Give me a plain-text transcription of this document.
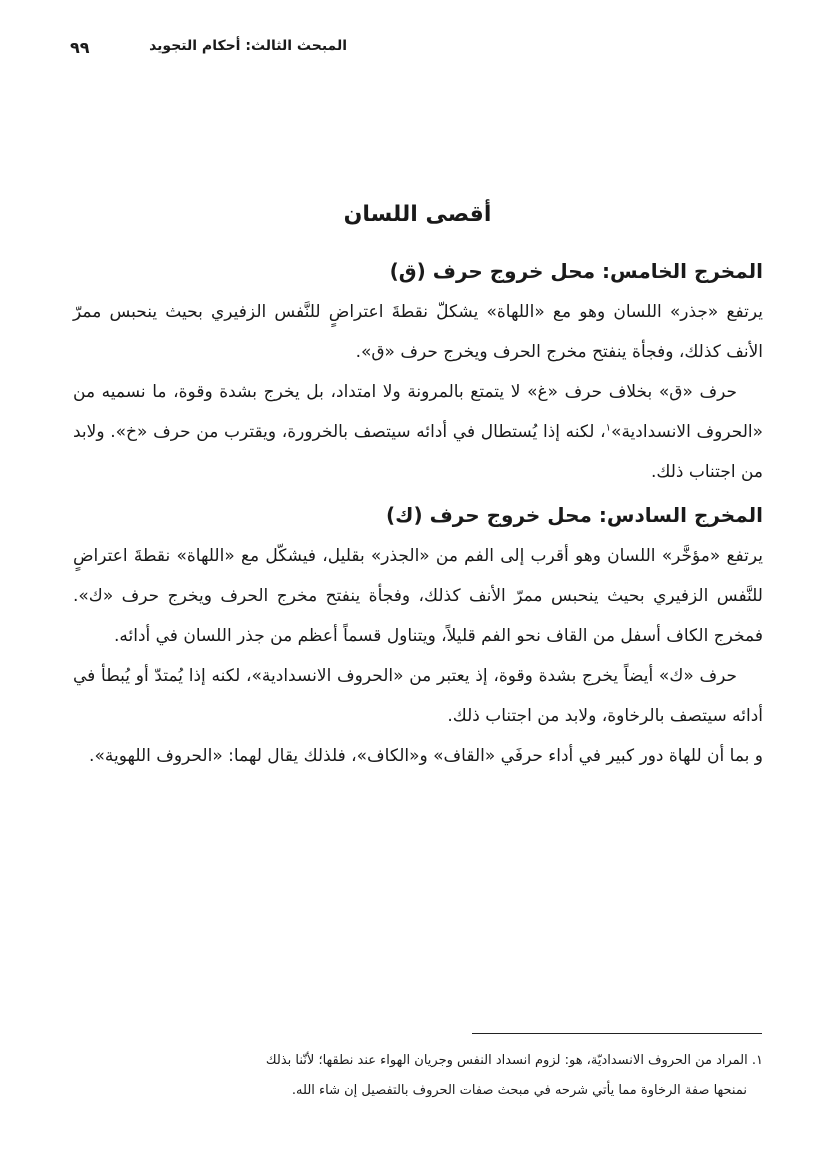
المبحث الثالث: أحكام التجويد
٩٩
أقصى اللسان
المخرج الخامس: محل خروج حرف (ق)

يرتفع «جذر» اللسان وهو مع «اللهاة» يشكلّ نقطةَ اعتراضٍ للنَّفس الزفيري بحيث ينحبس ممرّ الأنف كذلك، وفجأة ينفتح مخرج الحرف ويخرج حرف «ق».

حرف «ق» بخلاف حرف «غ» لا يتمتع بالمرونة ولا امتداد، بل يخرج بشدة وقوة، ما نسميه من «الحروف الانسدادية»$^١$، لكنه إذا يُستطال في أدائه سيتصف بالخرورة، ويقترب من حرف «خ». ولابد من اجتناب ذلك.

المخرج السادس: محل خروج حرف (ك)

يرتفع «مؤخَّر» اللسان وهو أقرب إلى الفم من «الجذر» بقليل، فيشكّل مع «اللهاة» نقطةَ اعتراضٍ للنَّفس الزفيري بحيث ينحبس ممرّ الأنف كذلك، وفجأة ينفتح مخرج الحرف ويخرج حرف «ك». فمخرج الكاف أسفل من القاف نحو الفم قليلاً، ويتناول قسماً أعظم من جذر اللسان في أدائه.

حرف «ك» أيضاً يخرج بشدة وقوة، إذ يعتبر من «الحروف الانسدادية»، لكنه إذا يُمتدّ أو يُبطأ في أدائه سيتصف بالرخاوة، ولابد من اجتناب ذلك.

و بما أن للهاة دور كبير في أداء حرفَي «القاف» و«الكاف»، فلذلك يقال لهما: «الحروف اللهوية».

١. المراد من الحروف الانسداديّة، هو: لزوم انسداد النفس وجريان الهواء عند نطقها؛ لأنّنا بذلك

نمنحها صفة الرخاوة مما يأتي شرحه في مبحث صفات الحروف بالتفصيل إن شاء الله.
